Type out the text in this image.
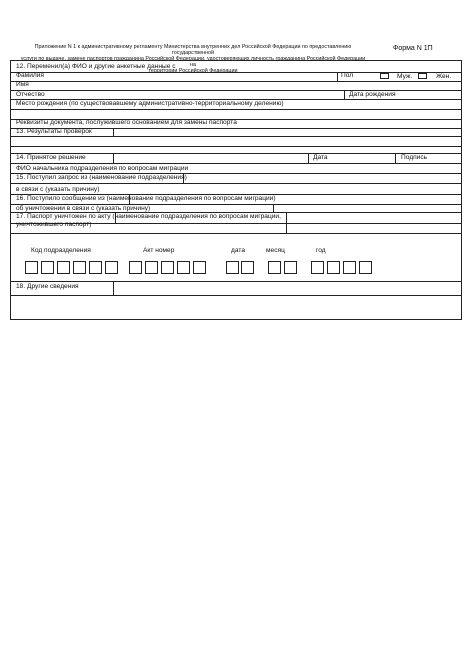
Приложение N 1 к административному регламенту Министерства внутренних дел Российской Федерации по предоставлению государственной
услуги по выдаче, замене паспортов гражданина Российской Федерации, удостоверяющих личность гражданина Российской Федерации на
территории Российской Федерации
Форма N 1П
12. Переменил(а) ФИО и другие анкетные данные с
Фамилия	Пол	Муж.	Жен.
Имя
Отчество	Дата рождения
Место рождения (по существовавшему административно-территориальному делению)
Реквизиты документа, послужившего основанием для замены паспорта
13. Результаты проверок
14. Принятое решение	Дата	Подпись
ФИО начальника подразделения по вопросам миграции
15. Поступил запрос из (наименование подразделения)
в связи с (указать причину)
16. Поступило сообщение из (наименование подразделения по вопросам миграции)
об уничтожении в связи с (указать причину)
17. Паспорт уничтожен по акту (наименование подразделения по вопросам миграции,
уничтожившего паспорт)
Код подразделения	Акт номер	дата	месяц	год
18. Другие сведения
